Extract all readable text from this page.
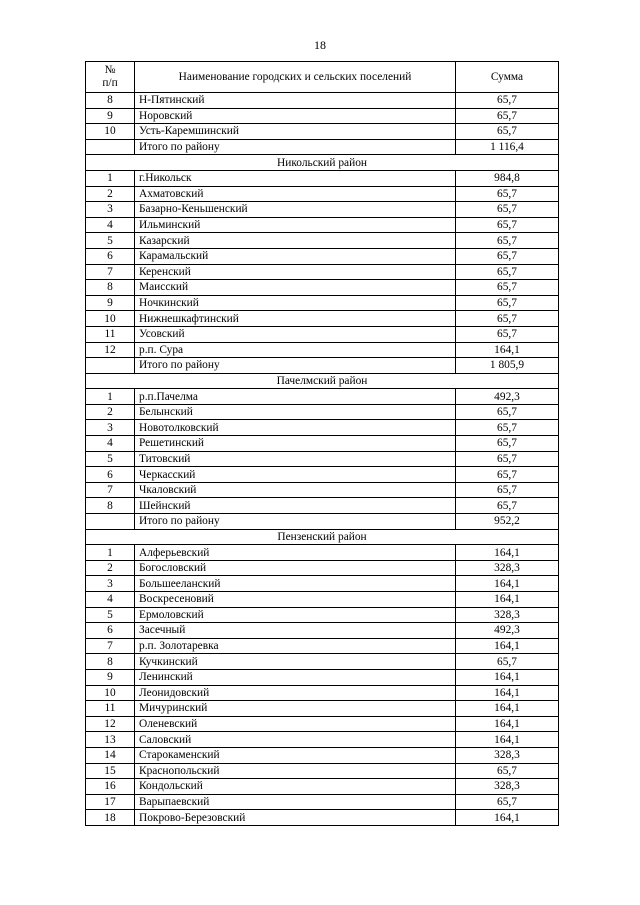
18
№
п/п	Наименование городских и сельских поселений	Сумма
8	Н-Пятинский	65,7
9	Норовский	65,7
10	Усть-Каремшинский	65,7
	Итого по району	1 116,4
Никольский район		
1	г.Никольск	984,8
2	Ахматовский	65,7
3	Базарно-Кеньшенский	65,7
4	Ильминский	65,7
5	Казарский	65,7
6	Карамальский	65,7
7	Керенский	65,7
8	Маисский	65,7
9	Ночкинский	65,7
10	Нижнешкафтинский	65,7
11	Усовский	65,7
12	р.п. Сура	164,1
	Итого по району	1 805,9
Пачелмский район		
1	р.п.Пачелма	492,3
2	Белынский	65,7
3	Новотолковский	65,7
4	Решетинский	65,7
5	Титовский	65,7
6	Черкасский	65,7
7	Чкаловский	65,7
8	Шейнский	65,7
	Итого по району	952,2
Пензенский район		
1	Алферьевский	164,1
2	Богословский	328,3
3	Большееланский	164,1
4	Воскресеновий	164,1
5	Ермоловский	328,3
6	Засечный	492,3
7	р.п. Золотаревка	164,1
8	Кучкинский	65,7
9	Ленинский	164,1
10	Леонидовский	164,1
11	Мичуринский	164,1
12	Оленевский	164,1
13	Саловский	164,1
14	Старокаменский	328,3
15	Краснопольский	65,7
16	Кондольский	328,3
17	Варыпаевский	65,7
18	Покрово-Березовский	164,1
